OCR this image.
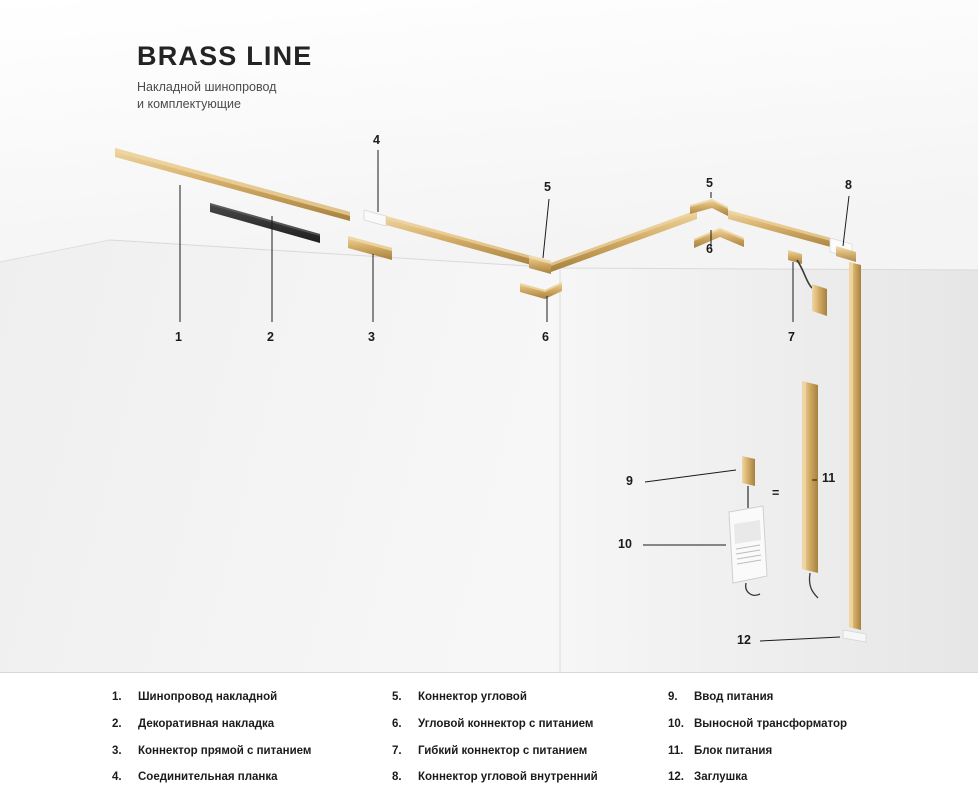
BRASS LINE
Накладной шинопровод
и комплектующие
1	2	3
4
5	5
6
6	7
8
9
10
11
12
=
1.	Шинопровод накладной
2.	Декоративная накладка
3.	Коннектор прямой с питанием
4.	Соединительная планка
5.	Коннектор угловой
6.	Угловой коннектор с питанием
7.	Гибкий коннектор с питанием
8.	Коннектор угловой внутренний
9.	Ввод питания
10. Выносной трансформатор
11. Блок питания
12. Заглушка
